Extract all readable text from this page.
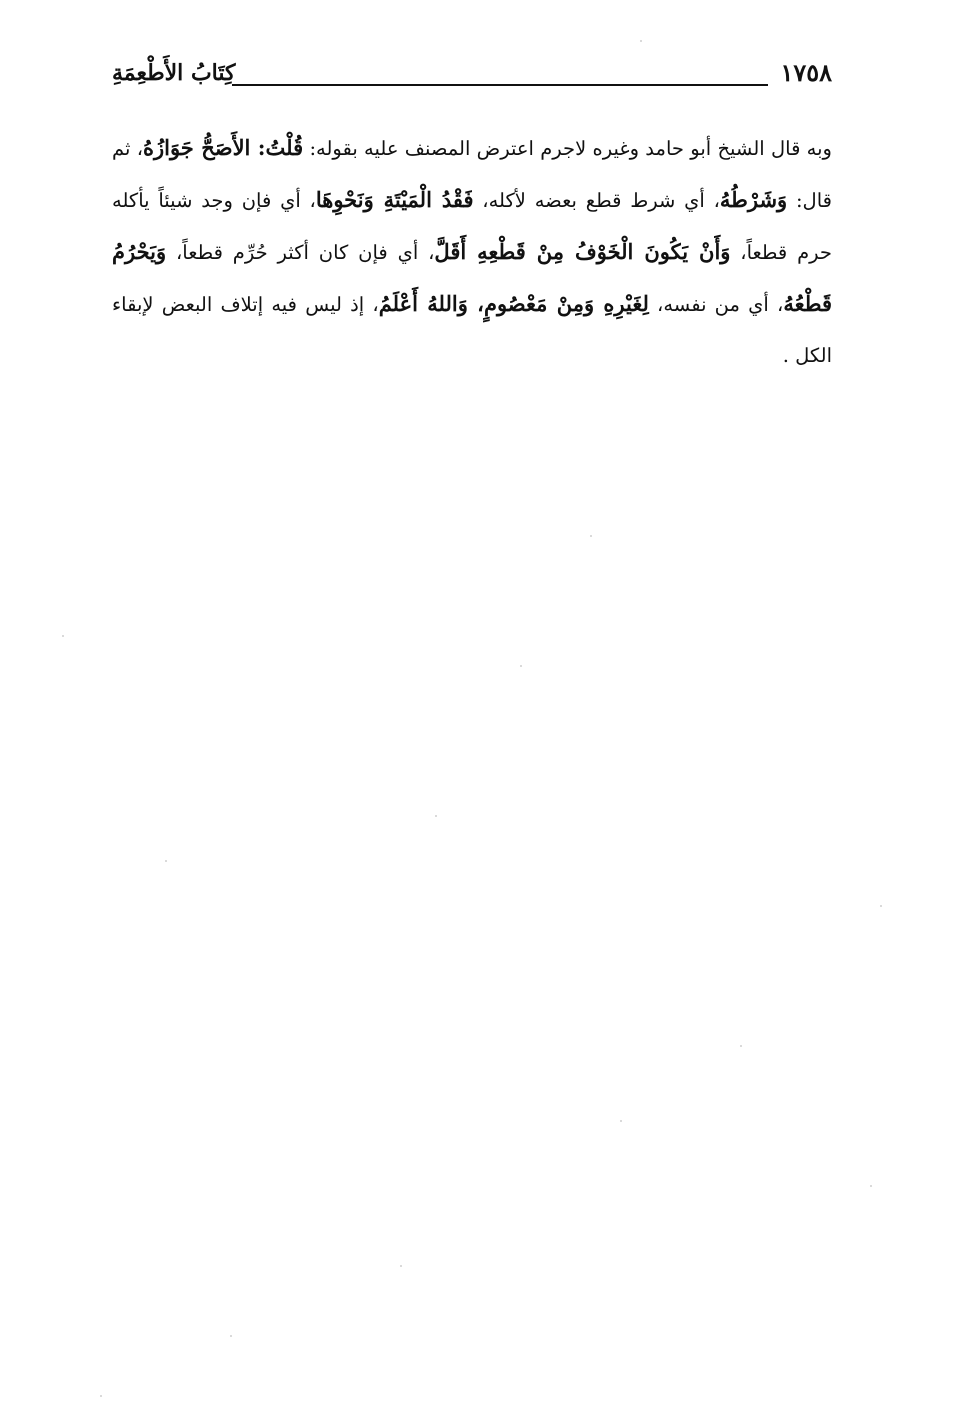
١٧٥٨
كِتَابُ الأَطْعِمَةِ

وبه قال الشيخ أبو حامد وغيره لاجرم اعترض المصنف عليه بقوله: قُلْتُ: الأَصَحُّ جَوَازُهُ، ثم قال: وَشَرْطُهُ، أي شرط قطع بعضه لأكله، فَقْدُ الْمَيْتَةِ وَنَحْوِهَا، أي فإن وجد شيئاً يأكله حرم قطعاً، وَأَنْ يَكُونَ الْخَوْفُ مِنْ قَطْعِهِ أَقَلَّ، أي فإن كان أكثر حُرِّم قطعاً، وَيَحْرُمُ قَطْعُهُ، أي من نفسه، لِغَيْرِهِ وَمِنْ مَعْصُومٍ، وَاللهُ أَعْلَمُ، إذ ليس فيه إتلاف البعض لإبقاء الكل .
